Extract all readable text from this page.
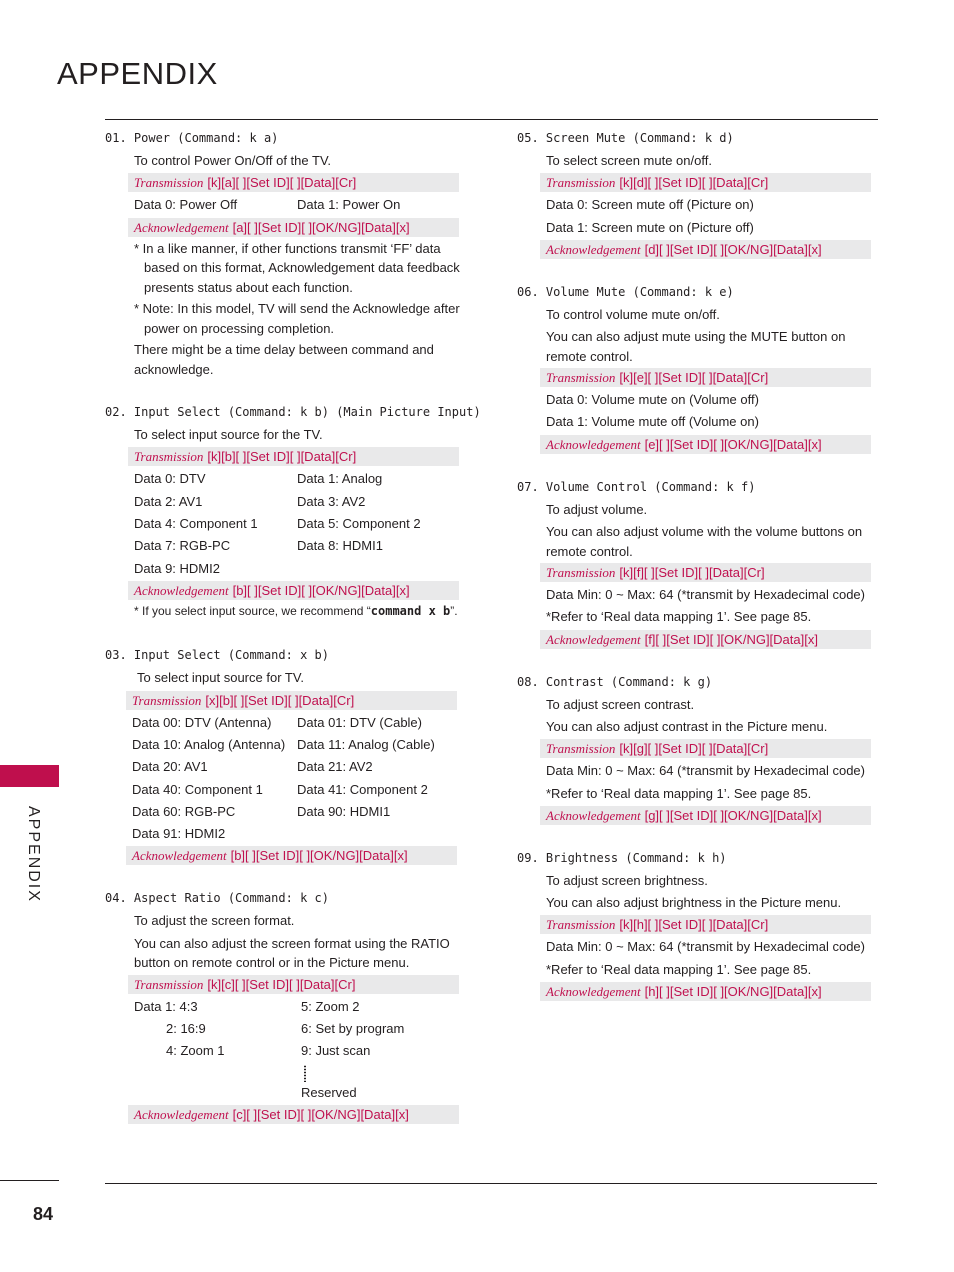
APPENDIX
APPENDIX
84
01. Power (Command: k a)
To control Power On/Off of the TV.
Transmission [k][a][ ][Set ID][ ][Data][Cr]
Data 0: Power Off	Data 1: Power On
Acknowledgement [a][ ][Set ID][ ][OK/NG][Data][x]
* In a like manner, if other functions transmit ‘FF’ data based on this format, Acknowledgement data feedback presents status about each function.
* Note: In this model, TV will send the Acknowledge after power on processing completion.
There might be a time delay between command and acknowledge.
02. Input Select (Command: k b) (Main Picture Input)
To select input source for the TV.
Transmission [k][b][ ][Set ID][ ][Data][Cr]
Data 0: DTV	Data 1: Analog
Data 2: AV1	Data 3: AV2
Data 4: Component 1	Data 5: Component 2
Data 7: RGB-PC	Data 8: HDMI1
Data 9: HDMI2
Acknowledgement [b][ ][Set ID][ ][OK/NG][Data][x]
* If you select input source, we recommend “command x b”.
03. Input Select (Command: x b)
To select input source for TV.
Transmission [x][b][ ][Set ID][ ][Data][Cr]
Data 00: DTV (Antenna)	Data 01: DTV (Cable)
Data 10: Analog (Antenna) Data 11: Analog (Cable)
Data 20: AV1	Data 21: AV2
Data 40: Component 1	Data 41: Component 2
Data 60: RGB-PC	Data 90: HDMI1
Data 91: HDMI2
Acknowledgement [b][ ][Set ID][ ][OK/NG][Data][x]
04. Aspect Ratio (Command: k c)
To adjust the screen format.
You can also adjust the screen format using the RATIO button on remote control or in the Picture menu.
Transmission [k][c][ ][Set ID][ ][Data][Cr]
Data 1: 4:3	5: Zoom 2
2: 16:9	6: Set by program
4: Zoom 1	9: Just scan
Reserved
Acknowledgement [c][ ][Set ID][ ][OK/NG][Data][x]
05. Screen Mute (Command: k d)
To select screen mute on/off.
Transmission [k][d][ ][Set ID][ ][Data][Cr]
Data 0: Screen mute off (Picture on)
Data 1: Screen mute on (Picture off)
Acknowledgement [d][ ][Set ID][ ][OK/NG][Data][x]
06. Volume Mute (Command: k e)
To control volume mute on/off.
You can also adjust mute using the MUTE button on remote control.
Transmission [k][e][ ][Set ID][ ][Data][Cr]
Data 0: Volume mute on (Volume off)
Data 1: Volume mute off (Volume on)
Acknowledgement [e][ ][Set ID][ ][OK/NG][Data][x]
07. Volume Control (Command: k f)
To adjust volume.
You can also adjust volume with the volume buttons on remote control.
Transmission [k][f][ ][Set ID][ ][Data][Cr]
Data Min: 0 ~ Max: 64 (*transmit by Hexadecimal code)
*Refer to ‘Real data mapping 1’. See page 85.
Acknowledgement [f][ ][Set ID][ ][OK/NG][Data][x]
08. Contrast (Command: k g)
To adjust screen contrast.
You can also adjust contrast in the Picture menu.
Transmission [k][g][ ][Set ID][ ][Data][Cr]
Data Min: 0 ~ Max: 64 (*transmit by Hexadecimal code)
*Refer to ‘Real data mapping 1’. See page 85.
Acknowledgement [g][ ][Set ID][ ][OK/NG][Data][x]
09. Brightness (Command: k h)
To adjust screen brightness.
You can also adjust brightness in the Picture menu.
Transmission [k][h][ ][Set ID][ ][Data][Cr]
Data Min: 0 ~ Max: 64 (*transmit by Hexadecimal code)
*Refer to ‘Real data mapping 1’. See page 85.
Acknowledgement [h][ ][Set ID][ ][OK/NG][Data][x]
